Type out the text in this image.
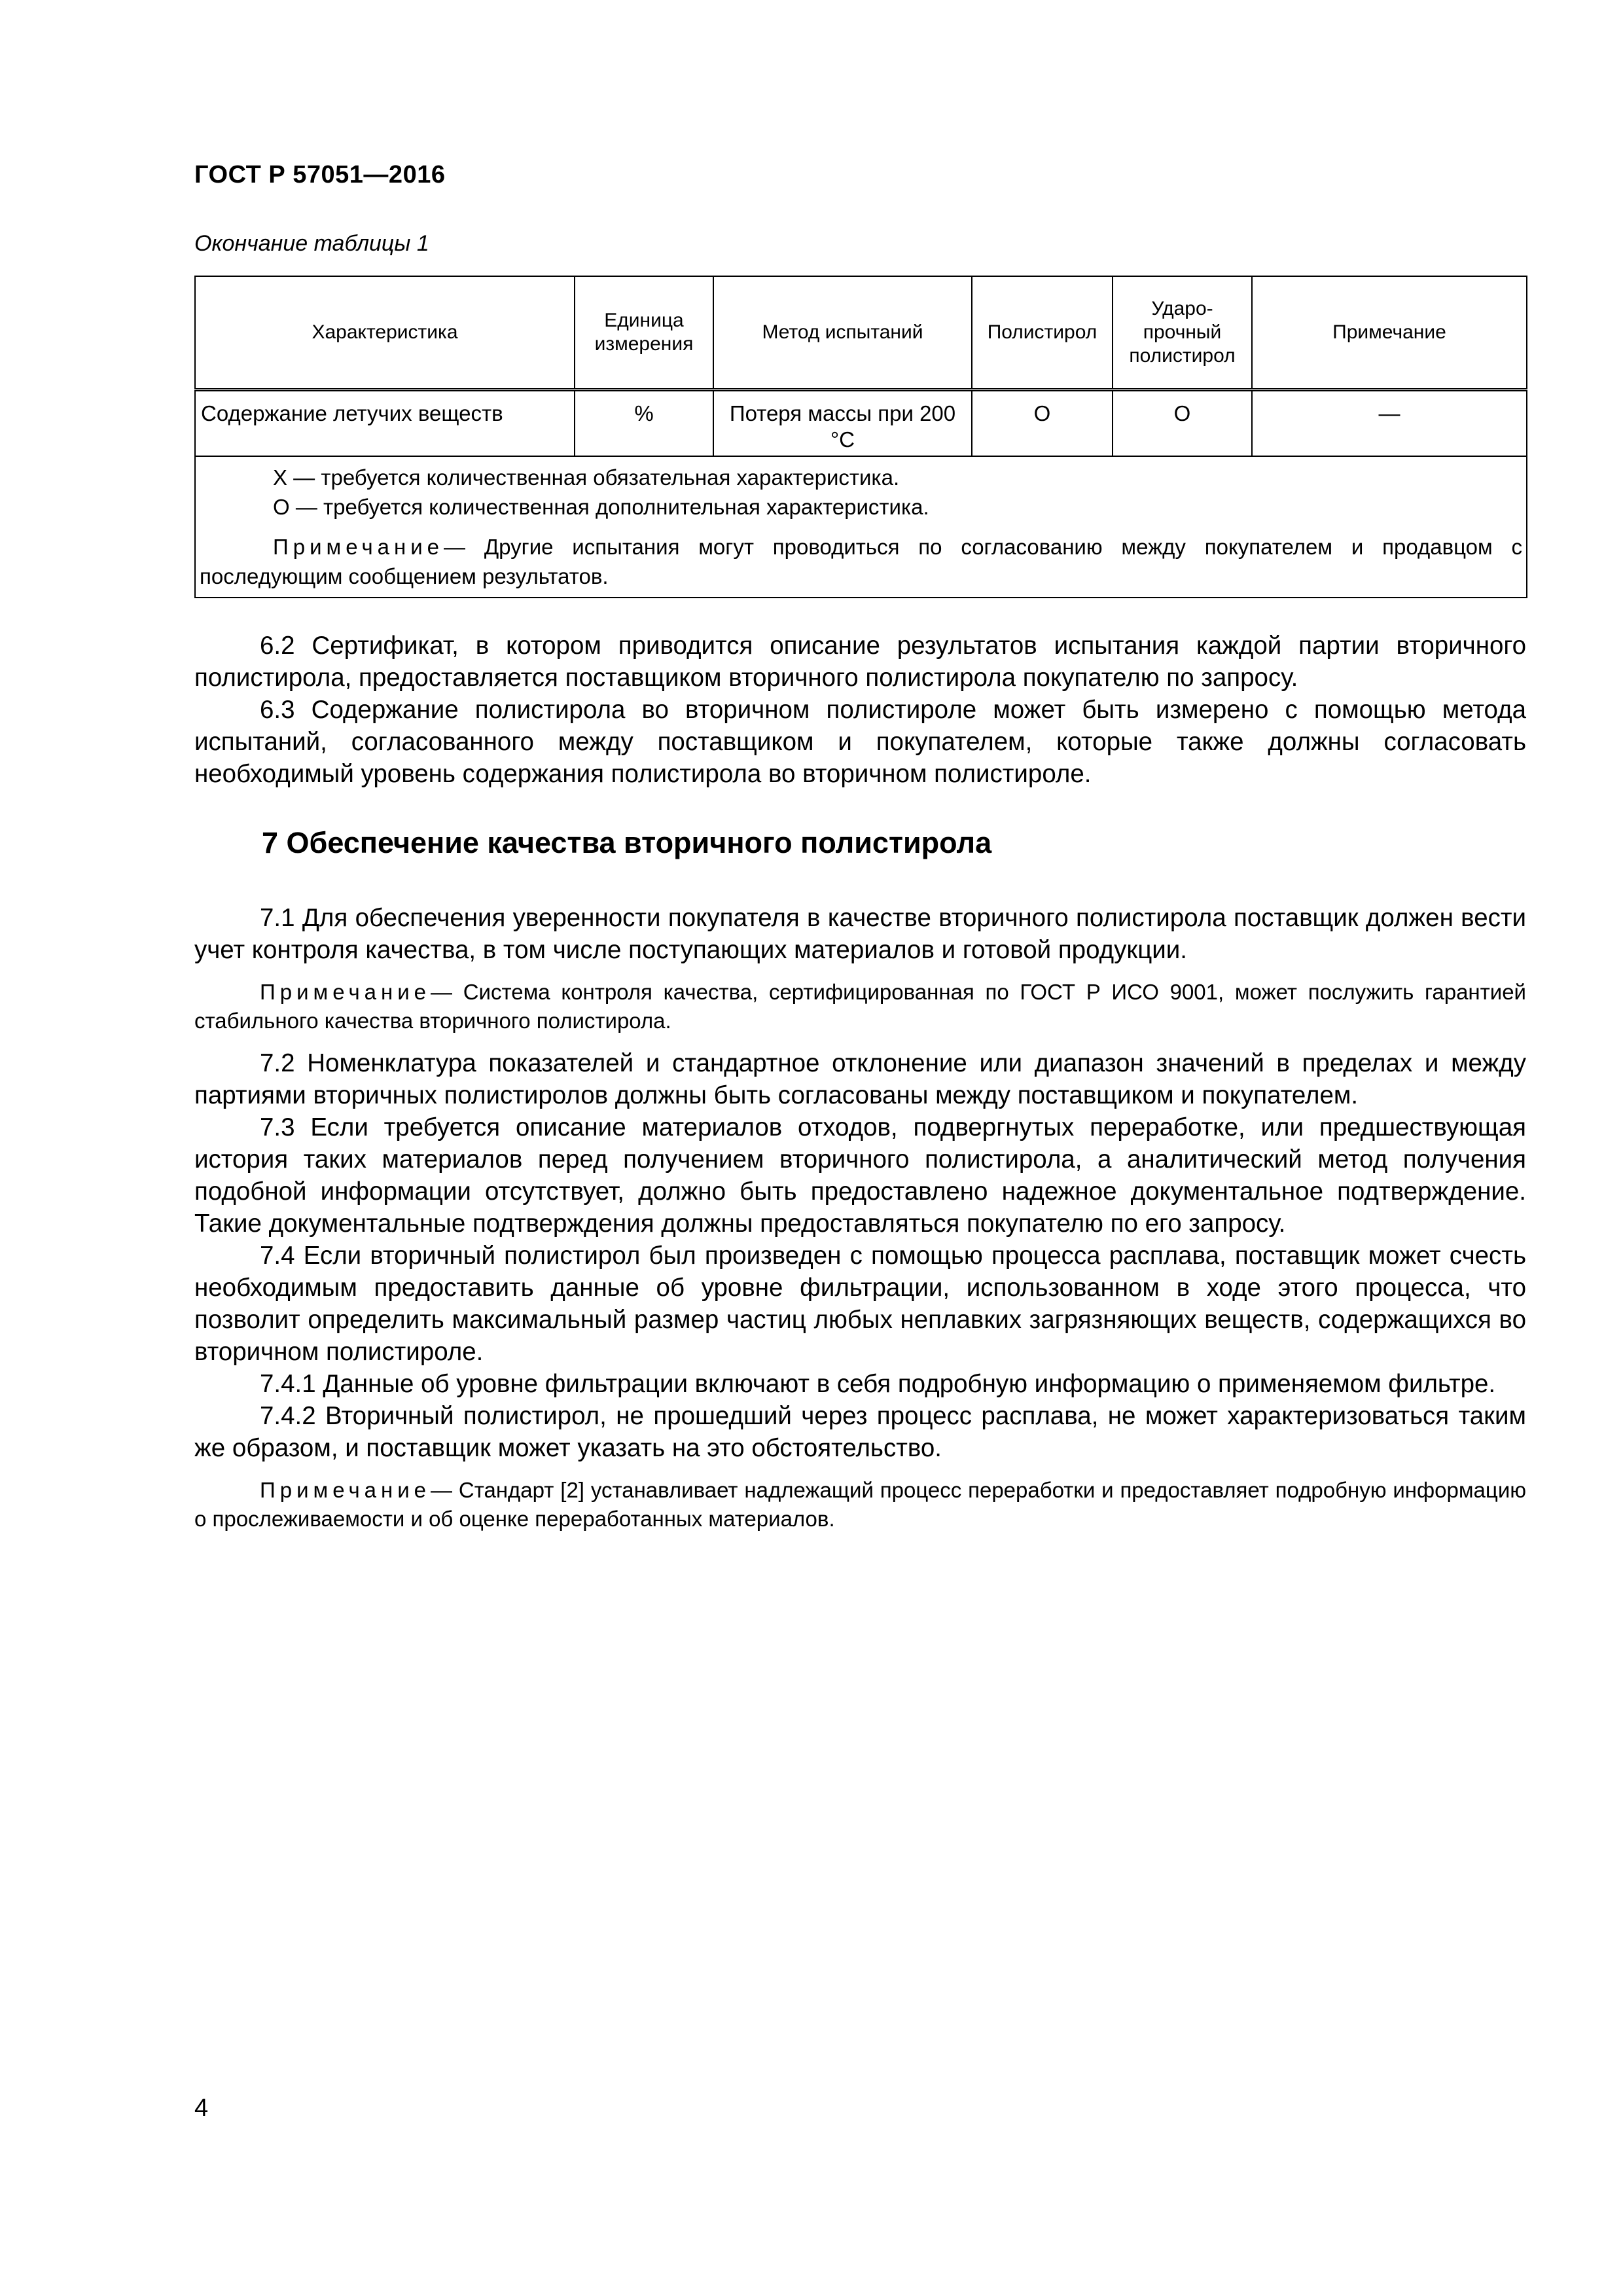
ГОСТ Р 57051—2016
Окончание таблицы 1
Характеристика	Единица измерения	Метод испытаний	Полистирол	Ударо-прочный полистирол	Примечание
Содержание летучих веществ	%	Потеря массы при 200 °С	О	О	—

Х — требуется количественная обязательная характеристика.
О — требуется количественная дополнительная характеристика.
Примечание— Другие испытания могут проводиться по согласованию между покупателем и продавцом с последующим сообщением результатов.					

6.2 Сертификат, в котором приводится описание результатов испытания каждой партии вторичного полистирола, предоставляется поставщиком вторичного полистирола покупателю по запросу.

6.3 Содержание полистирола во вторичном полистироле может быть измерено с помощью метода испытаний, согласованного между поставщиком и покупателем, которые также должны согласовать необходимый уровень содержания полистирола во вторичном полистироле.

7 Обеспечение качества вторичного полистирола

7.1 Для обеспечения уверенности покупателя в качестве вторичного полистирола поставщик должен вести учет контроля качества, в том числе поступающих материалов и готовой продукции.

Примечание— Система контроля качества, сертифицированная по ГОСТ Р ИСО 9001, может послужить гарантией стабильного качества вторичного полистирола.

7.2 Номенклатура показателей и стандартное отклонение или диапазон значений в пределах и между партиями вторичных полистиролов должны быть согласованы между поставщиком и покупателем.

7.3 Если требуется описание материалов отходов, подвергнутых переработке, или предшествующая история таких материалов перед получением вторичного полистирола, а аналитический метод получения подобной информации отсутствует, должно быть предоставлено надежное документальное подтверждение. Такие документальные подтверждения должны предоставляться покупателю по его запросу.

7.4 Если вторичный полистирол был произведен с помощью процесса расплава, поставщик может счесть необходимым предоставить данные об уровне фильтрации, использованном в ходе этого процесса, что позволит определить максимальный размер частиц любых неплавких загрязняющих веществ, содержащихся во вторичном полистироле.

7.4.1 Данные об уровне фильтрации включают в себя подробную информацию о применяемом фильтре.

7.4.2 Вторичный полистирол, не прошедший через процесс расплава, не может характеризоваться таким же образом, и поставщик может указать на это обстоятельство.

Примечание— Стандарт [2] устанавливает надлежащий процесс переработки и предоставляет подробную информацию о прослеживаемости и об оценке переработанных материалов.

4
